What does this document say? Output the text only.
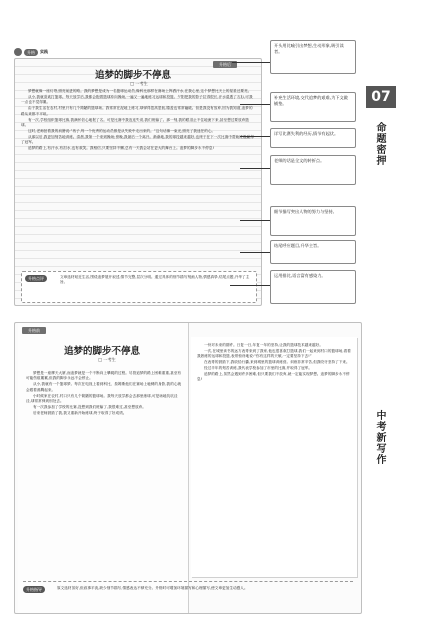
升格	实践
升格后
追梦的脚步不停息
□ 一考生

梦想就像一座灯塔,照亮前进的路。我的梦想是成为一名篮球运动员,像科比那样在赛场上挥洒汗水,在我心里,这个梦想比天上的星星还要亮。

从小,我就喜欢打篮球。每天放学后,我都会抱着篮球冲向操场,一遍又一遍地练习运球和投篮。夕阳把我的影子拉得很长,汗水湿透了衣衫,可我一点也不觉得累。

由于我生活在农村,村里只有几个简陋的篮球场。我常常在泥地上练习,球弹得忽高忽低,膝盖也常常磕破。但是我没有放弃,因为我知道,追梦的路从来都不平坦。

有一次,学校组织篮球比赛,我满怀信心地报了名。可是比赛中我连连失误,我们班输了。那一刻,我的眼泪止不住地流下来,甚至想过要放弃篮球。

这时,老师拍着我的肩膀说:“孩子,每一个优秀的运动员都是从失败中走出来的。”这句话像一束光,照亮了我迷茫的心。

从那以后,我更加刻苦地训练。清晨,我第一个来到操场;傍晚,我最后一个离开。渐渐地,我的球技越来越好,也终于在下一次比赛中帮助班级赢得了冠军。

追梦的路上,有汗水,有泪水,也有欢笑。我相信,只要坚持不懈,总有一天我会站在更大的舞台上。追梦的脚步永不停息!

升格点评	文章选材贴近生活,围绕追梦展开叙述,情节完整,层次分明。通过具体的细节描写刻画人物,情感真挚,结尾点题,升华了主旨。
开头用比喻引出梦想,生动形象,吸引读者。
补充生活环境,交代追梦的艰难,为下文做铺垫。
详写比赛失利的经历,情节有起伏。
老师的话是全文的转折点。
细节描写突出人物的努力与坚持。
结尾呼应题目,升华主旨。
运用排比,语言富有感染力。
07
命题密押
中考新写作
升格前
追梦的脚步不停息
□ 一考生

梦想是一座摩天大厦,而追梦就是一个不断向上攀爬的过程。尽管追梦的路上困难重重,甚至有可能伤痕累累,但我的脚步永远不会停止。

从小,我就有一个篮球梦。每次在电视上看到科比、詹姆斯他们在赛场上驰骋的身影,我的心就会跟着沸腾起来。

小时候家在农村,村口只有几个简陋的篮球场。我每天放学都会去那里练球,可是场地坑坑洼洼,球常常弹到别处去。

有一次我参加了学校的比赛,没想到我们班输了,我很难过,甚至想放弃。

后来老师鼓励了我,我又重新开始练球,终于取得了好成绩。

一份对未来的期许。日复一日,年复一年的坚持,让我的篮球技术越来越好。

一次,在城里读书的远方表哥来到了我家,他也很喜欢打篮球,我们一起来到村口的篮球场,看着我熟练的运球和投篮,表哥惊讶地说:“你有这样的天赋,一定要坚持下去!”

在表哥的鼓励下,我收拾行囊,来到城里的篮球训练营。训练非常辛苦,但我咬牙坚持了下来。

经过半年的刻苦训练,我代表学校参加了市里的比赛,并取得了冠军。

追梦的路上,虽然会遇到许多困难,但只要我们不放弃,就一定能实现梦想。追梦的脚步永不停息!

升格指导	原文选材虽好,但叙事平淡,缺少细节描写,情感表达不够充分。升格时可增加环境描写和心理描写,使文章更加生动感人。
